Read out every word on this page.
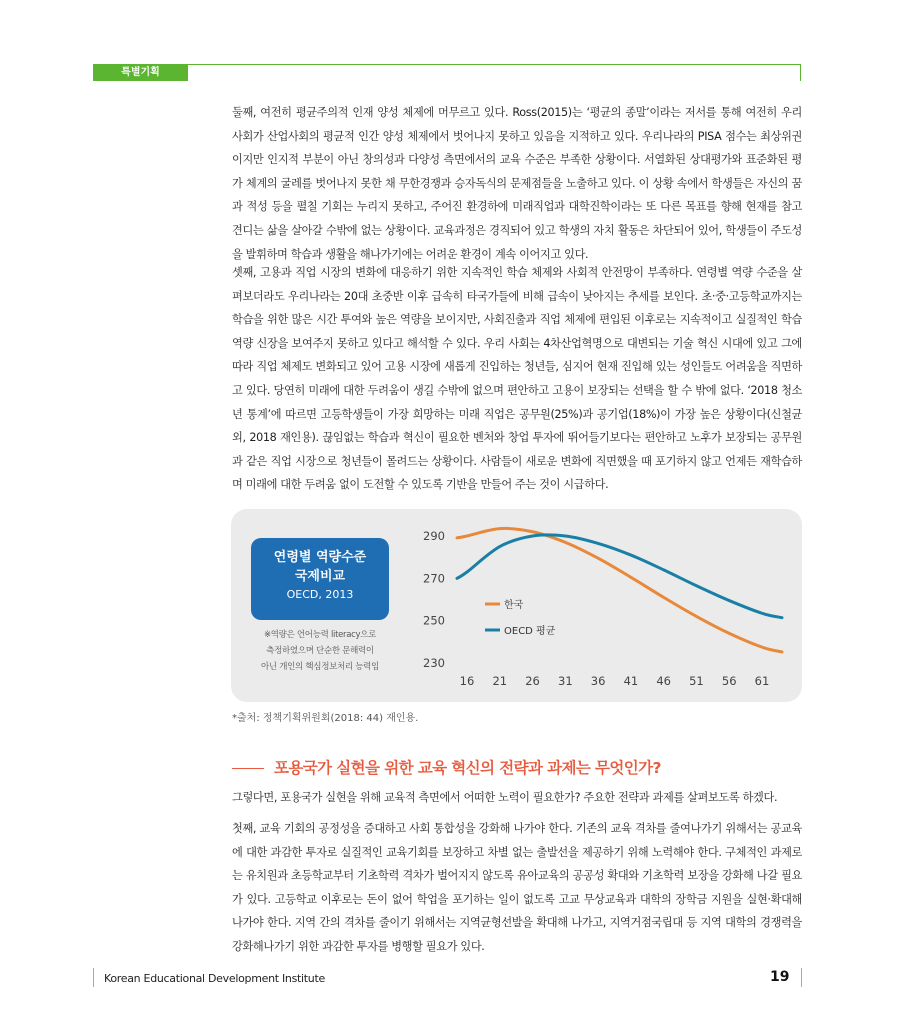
특별기획

둘째, 여전히 평균주의적 인재 양성 체제에 머무르고 있다. Ross(2015)는 ‘평균의 종말’이라는 저서를 통해 여전히 우리 사회가 산업사회의 평균적 인간 양성 체제에서 벗어나지 못하고 있음을 지적하고 있다. 우리나라의 PISA 점수는 최상위권이지만 인지적 부분이 아닌 창의성과 다양성 측면에서의 교육 수준은 부족한 상황이다. 서열화된 상대평가와 표준화된 평가 체계의 굴레를 벗어나지 못한 채 무한경쟁과 승자독식의 문제점들을 노출하고 있다. 이 상황 속에서 학생들은 자신의 꿈과 적성 등을 펼칠 기회는 누리지 못하고, 주어진 환경하에 미래직업과 대학진학이라는 또 다른 목표를 향해 현재를 참고 견디는 삶을 살아갈 수밖에 없는 상황이다. 교육과정은 경직되어 있고 학생의 자치 활동은 차단되어 있어, 학생들이 주도성을 발휘하며 학습과 생활을 해나가기에는 어려운 환경이 계속 이어지고 있다.

셋째, 고용과 직업 시장의 변화에 대응하기 위한 지속적인 학습 체제와 사회적 안전망이 부족하다. 연령별 역량 수준을 살펴보더라도 우리나라는 20대 초중반 이후 급속히 타국가들에 비해 급속이 낮아지는 추세를 보인다. 초·중·고등학교까지는 학습을 위한 많은 시간 투여와 높은 역량을 보이지만, 사회진출과 직업 체제에 편입된 이후로는 지속적이고 실질적인 학습 역량 신장을 보여주지 못하고 있다고 해석할 수 있다. 우리 사회는 4차산업혁명으로 대변되는 기술 혁신 시대에 있고 그에 따라 직업 체제도 변화되고 있어 고용 시장에 새롭게 진입하는 청년들, 심지어 현재 진입해 있는 성인들도 어려움을 직면하고 있다. 당연히 미래에 대한 두려움이 생길 수밖에 없으며 편안하고 고용이 보장되는 선택을 할 수 밖에 없다. ‘2018 청소년 통계’에 따르면 고등학생들이 가장 희망하는 미래 직업은 공무원(25%)과 공기업(18%)이 가장 높은 상황이다(신철균 외, 2018 재인용). 끊임없는 학습과 혁신이 필요한 벤처와 창업 투자에 뛰어들기보다는 편안하고 노후가 보장되는 공무원과 같은 직업 시장으로 청년들이 몰려드는 상황이다. 사람들이 새로운 변화에 직면했을 때 포기하지 않고 언제든 재학습하며 미래에 대한 두려움 없이 도전할 수 있도록 기반을 만들어 주는 것이 시급하다.

연령별 역량수준
국제비교
OECD, 2013
※역량은 언어능력 literacy으로
측정하였으며 단순한 문해력이
아닌 개인의 핵심정보처리 능력임
290
270
250
230
16 21 26 31 36 41 46 51 56 61
한국
OECD 평균
*출처: 정책기획위원회(2018: 44) 재인용.
포용국가 실현을 위한 교육 혁신의 전략과 과제는 무엇인가?

그렇다면, 포용국가 실현을 위해 교육적 측면에서 어떠한 노력이 필요한가? 주요한 전략과 과제를 살펴보도록 하겠다.

첫째, 교육 기회의 공정성을 증대하고 사회 통합성을 강화해 나가야 한다. 기존의 교육 격차를 줄여나가기 위해서는 공교육에 대한 과감한 투자로 실질적인 교육기회를 보장하고 차별 없는 출발선을 제공하기 위해 노력해야 한다. 구체적인 과제로는 유치원과 초등학교부터 기초학력 격차가 벌어지지 않도록 유아교육의 공공성 확대와 기초학력 보장을 강화해 나갈 필요가 있다. 고등학교 이후로는 돈이 없어 학업을 포기하는 일이 없도록 고교 무상교육과 대학의 장학금 지원을 실현·확대해 나가야 한다. 지역 간의 격차를 줄이기 위해서는 지역균형선발을 확대해 나가고, 지역거점국립대 등 지역 대학의 경쟁력을 강화해나가기 위한 과감한 투자를 병행할 필요가 있다.

Korean Educational Development Institute	19
